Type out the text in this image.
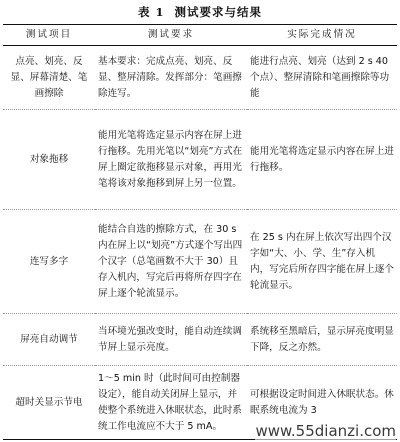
表 1 测试要求与结果
测试项目	测试要求	实际完成情况
点亮、划亮、反显、屏幕清楚、笔画擦除	基本要求：完成点亮、划亮、反显、整屏清除。发挥部分：笔画擦除连写。	能进行点亮、划亮（达到 2 s 40 个点）、整屏清除和笔画擦除等功能
对象拖移	能用光笔将选定显示内容在屏上进行拖移。先用光笔以“划亮”方式在屏上圈定欲拖移显示对象，再用光笔将该对象拖移到屏上另一位置。	能用光笔将选定显示内容在屏上进行拖移。
连写多字	能结合自选的擦除方式，在 30 s 内在屏上以“划亮”方式逐个写出四个汉字（总笔画数不大于 30）且存入机内，写完后再将所存四字在屏上逐个轮流显示。	在 25 s 内在屏上依次写出四个汉字如“大、小、学、生”存入机内，写完后所存四字能在屏上逐个轮流显示。
屏亮自动调节	当环境光强改变时，能自动连续调节屏上显示亮度。	系统移至黑暗后，显示屏亮度明显下降，反之亦然。
超时关显示节电	1～5 min 时（此时间可由控制器设定），能自动关闭屏上显示，并使整个系统进入休眠状态，此时系统工作电流应不大于 5 mA。	可根据设定时间进入休眠状态。休眠系统电流为 3
www.55dianzi.com
